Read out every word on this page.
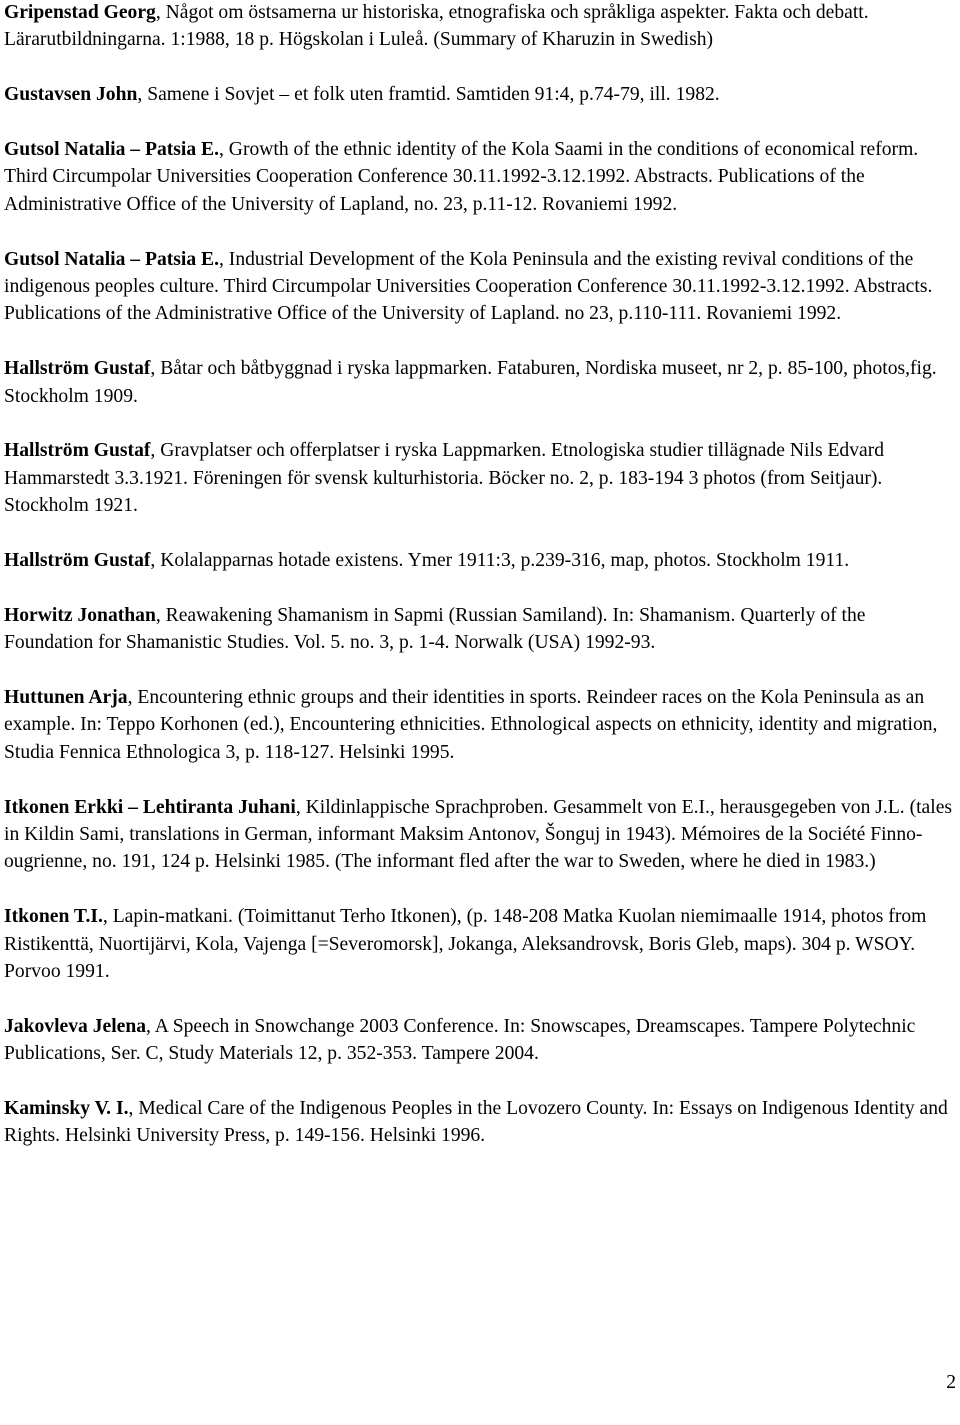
Gripenstad Georg, Något om östsamerna ur historiska, etnografiska och språkliga aspekter. Fakta och debatt. Lärarutbildningarna. 1:1988, 18 p. Högskolan i Luleå. (Summary of Kharuzin in Swedish)

Gustavsen John, Samene i Sovjet – et folk uten framtid. Samtiden 91:4, p.74-79, ill. 1982.

Gutsol Natalia – Patsia E., Growth of the ethnic identity of the Kola Saami in the conditions of economical reform. Third Circumpolar Universities Cooperation Conference 30.11.1992-3.12.1992. Abstracts. Publications of the Administrative Office of the University of Lapland, no. 23, p.11-12. Rovaniemi 1992.

Gutsol Natalia – Patsia E., Industrial Development of the Kola Peninsula and the existing revival conditions of the indigenous peoples culture. Third Circumpolar Universities Cooperation Conference 30.11.1992-3.12.1992. Abstracts. Publications of the Administrative Office of the University of Lapland. no 23, p.110-111. Rovaniemi 1992.

Hallström Gustaf, Båtar och båtbyggnad i ryska lappmarken. Fataburen, Nordiska museet, nr 2, p. 85-100, photos,fig. Stockholm 1909.

Hallström Gustaf, Gravplatser och offerplatser i ryska Lappmarken. Etnologiska studier tillägnade Nils Edvard Hammarstedt 3.3.1921. Föreningen för svensk kulturhistoria. Böcker no. 2, p. 183-194 3 photos (from Seitjaur). Stockholm 1921.

Hallström Gustaf, Kolalapparnas hotade existens. Ymer 1911:3, p.239-316, map, photos. Stockholm 1911.

Horwitz Jonathan, Reawakening Shamanism in Sapmi (Russian Samiland). In: Shamanism. Quarterly of the Foundation for Shamanistic Studies. Vol. 5. no. 3, p. 1-4. Norwalk (USA) 1992-93.

Huttunen Arja, Encountering ethnic groups and their identities in sports. Reindeer races on the Kola Peninsula as an example. In: Teppo Korhonen (ed.), Encountering ethnicities. Ethnological aspects on ethnicity, identity and migration, Studia Fennica Ethnologica 3, p. 118-127. Helsinki 1995.

Itkonen Erkki – Lehtiranta Juhani, Kildinlappische Sprachproben. Gesammelt von E.I., herausgegeben von J.L. (tales in Kildin Sami, translations in German, informant Maksim Antonov, Šonguj in 1943). Mémoires de la Société Finno-ougrienne, no. 191, 124 p. Helsinki 1985. (The informant fled after the war to Sweden, where he died in 1983.)

Itkonen T.I., Lapin-matkani. (Toimittanut Terho Itkonen), (p. 148-208 Matka Kuolan niemimaalle 1914, photos from Ristikenttä, Nuortijärvi, Kola, Vajenga [=Severomorsk], Jokanga, Aleksandrovsk, Boris Gleb, maps). 304 p. WSOY. Porvoo 1991.

Jakovleva Jelena, A Speech in Snowchange 2003 Conference. In: Snowscapes, Dreamscapes. Tampere Polytechnic Publications, Ser. C, Study Materials 12, p. 352-353. Tampere 2004.

Kaminsky V. I., Medical Care of the Indigenous Peoples in the Lovozero County. In: Essays on Indigenous Identity and Rights. Helsinki University Press, p. 149-156. Helsinki 1996.

2
